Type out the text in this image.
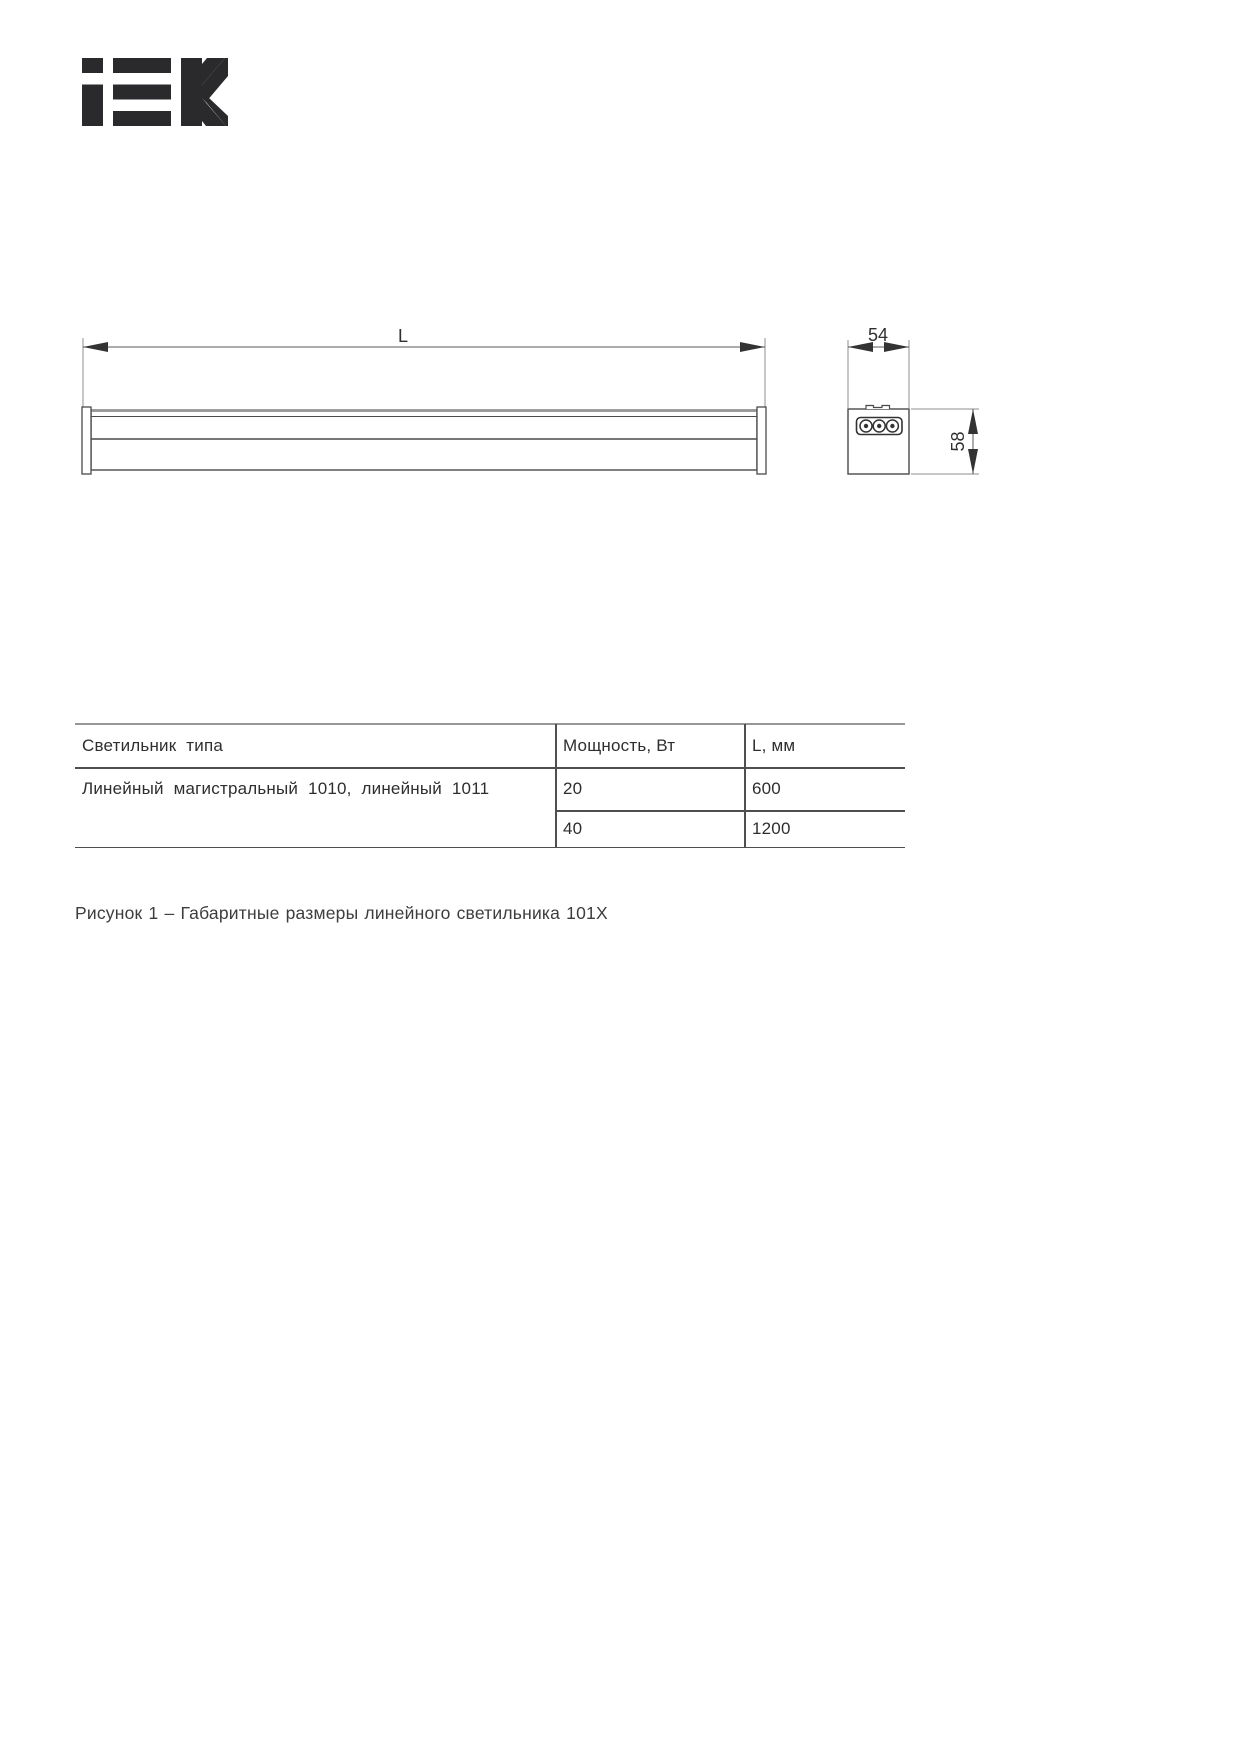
L	54
58
Светильник типа	Мощность, Вт	L, мм
Линейный магистральный 1010, линейный 1011	20	600
40	1200
Рисунок 1 – Габаритные размеры линейного светильника 101Х
